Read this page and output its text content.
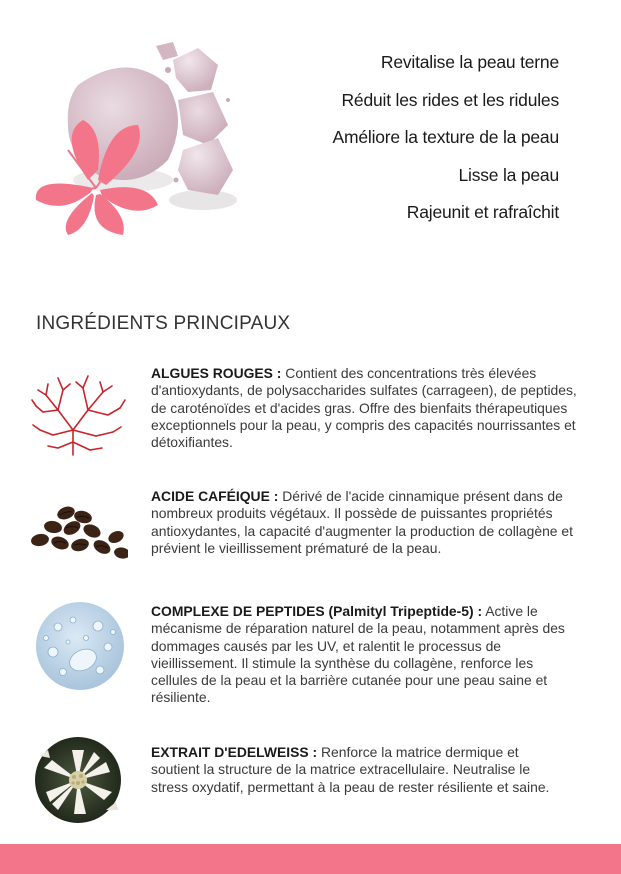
Revitalise la peau terne
Réduit les rides et les ridules
Améliore la texture de la peau
Lisse la peau
Rajeunit et rafraîchit
INGRÉDIENTS PRINCIPAUX
ALGUES ROUGES : Contient des concentrations très élevées d'antioxydants, de polysaccharides sulfates (carrageen), de peptides, de caroténoïdes et d'acides gras. Offre des bienfaits thérapeutiques exceptionnels pour la peau, y compris des capacités nourrissantes et détoxifiantes.
ACIDE CAFÉIQUE : Dérivé de l'acide cinnamique présent dans de nombreux produits végétaux. Il possède de puissantes propriétés antioxydantes, la capacité d'augmenter la production de collagène et prévient le vieillissement prématuré de la peau.
COMPLEXE DE PEPTIDES (Palmityl Tripeptide-5) : Active le mécanisme de réparation naturel de la peau, notamment après des dommages causés par les UV, et ralentit le processus de vieillissement. Il stimule la synthèse du collagène, renforce les cellules de la peau et la barrière cutanée pour une peau saine et résiliente.
EXTRAIT D'EDELWEISS : Renforce la matrice dermique et soutient la structure de la matrice extracellulaire. Neutralise le stress oxydatif, permettant à la peau de rester résiliente et saine.
